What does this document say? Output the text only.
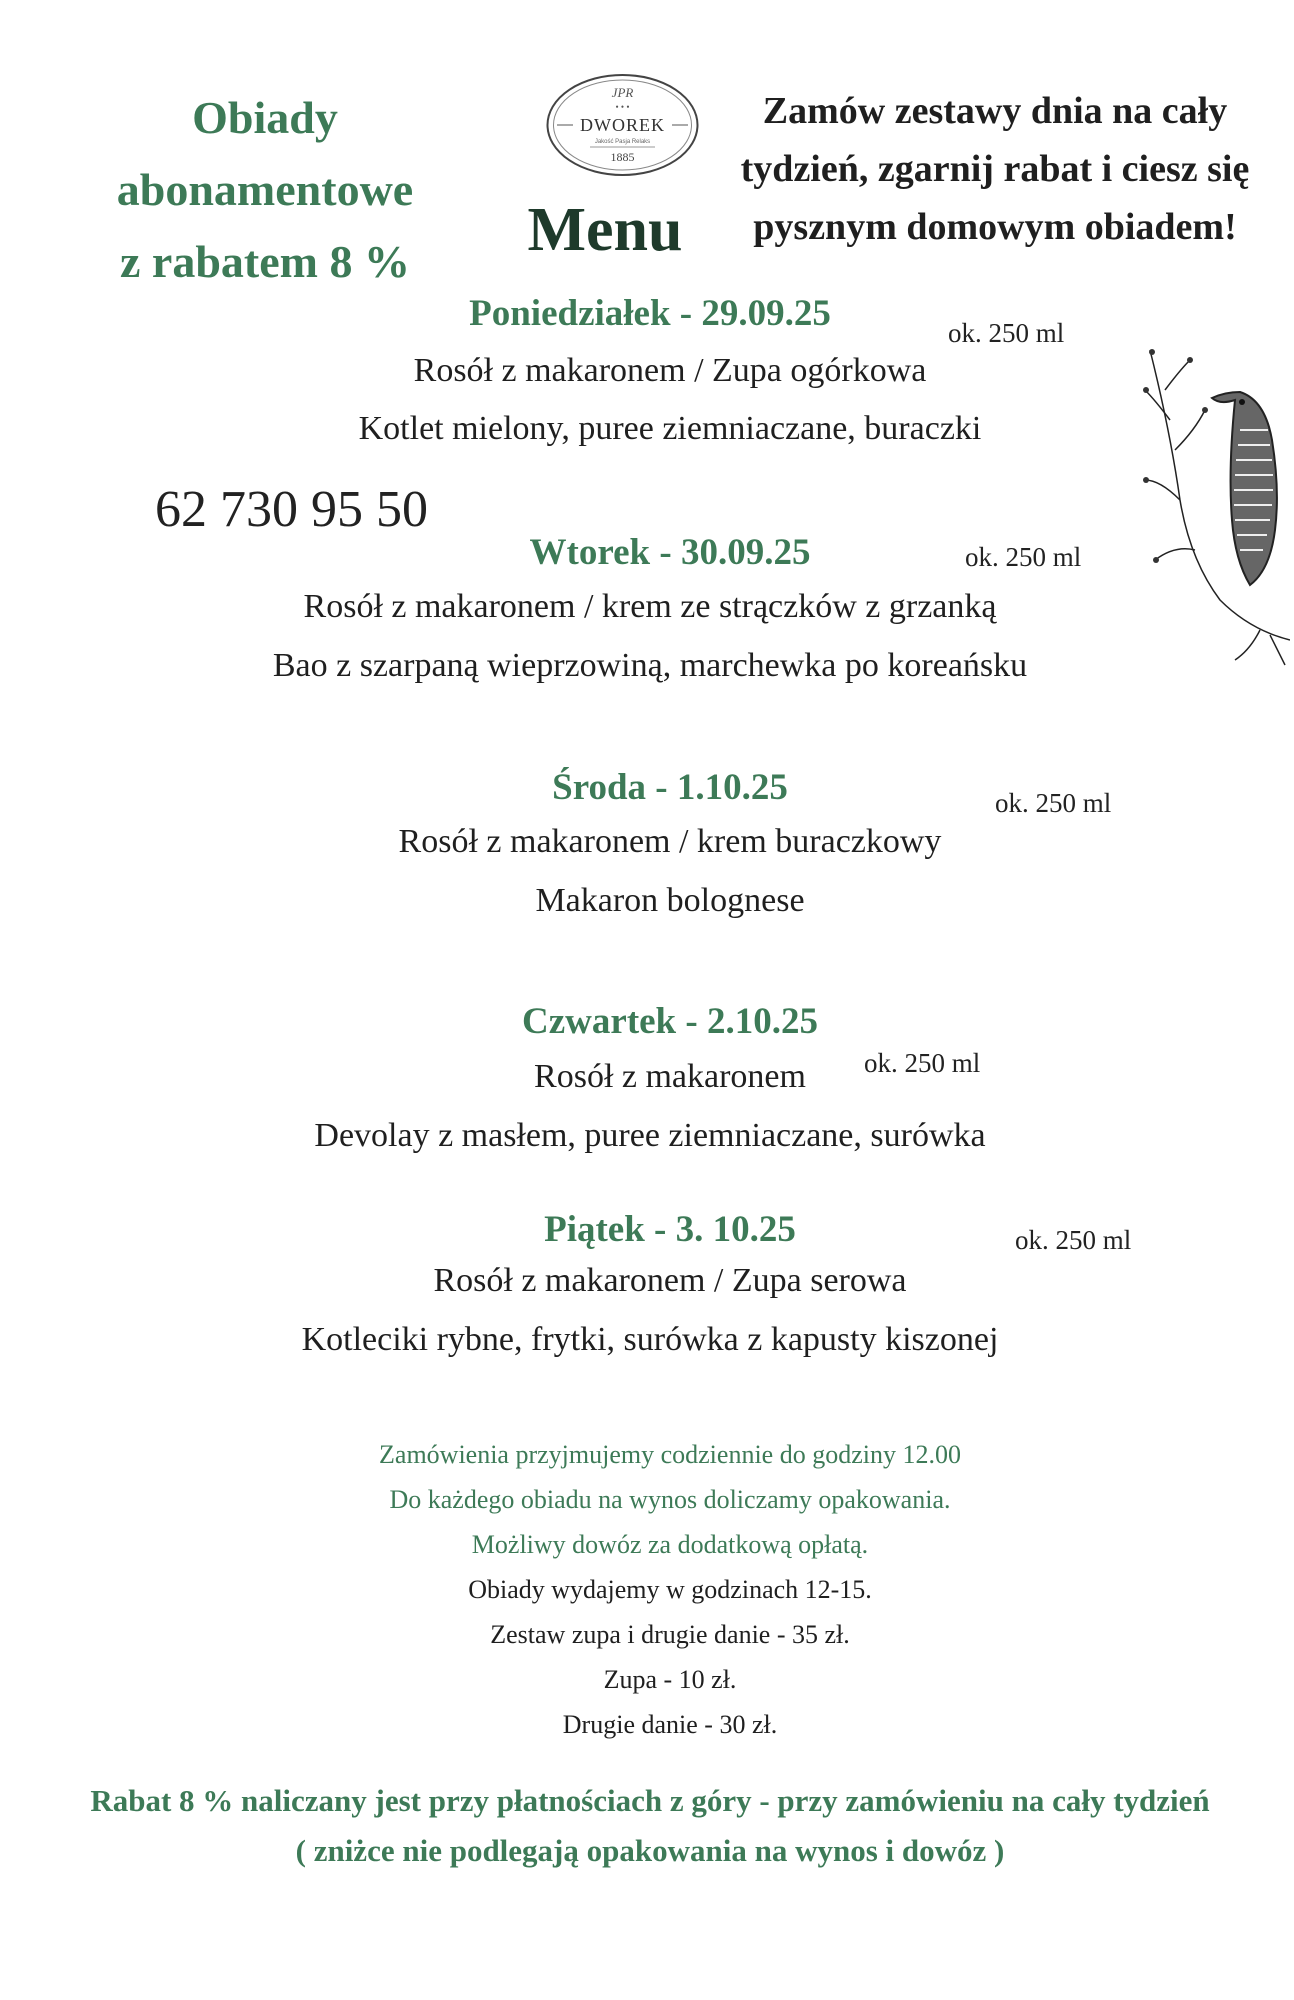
Obiady
abonamentowe
z rabatem 8 %
JPR
• • •
DWOREK
Jakość Pasja Relaks
1885
Menu
Zamów zestawy dnia na cały
tydzień, zgarnij rabat i ciesz się
pysznym domowym obiadem!
62 730 95 50
Poniedziałek - 29.09.25	ok. 250 ml
Rosół z makaronem / Zupa ogórkowa
Kotlet mielony, puree ziemniaczane, buraczki
Wtorek - 30.09.25	ok. 250 ml
Rosół z makaronem / krem ze strączków z grzanką
Bao z szarpaną wieprzowiną, marchewka po koreańsku
Środa - 1.10.25	ok. 250 ml
Rosół z makaronem / krem buraczkowy
Makaron bolognese
Czwartek - 2.10.25
ok. 250 ml
Rosół z makaronem
Devolay z masłem, puree ziemniaczane, surówka
Piątek - 3. 10.25	ok. 250 ml
Rosół z makaronem / Zupa serowa
Kotleciki rybne, frytki, surówka z kapusty kiszonej
Zamówienia przyjmujemy codziennie do godziny 12.00
Do każdego obiadu na wynos doliczamy opakowania.
Możliwy dowóz za dodatkową opłatą.
Obiady wydajemy w godzinach 12-15.
Zestaw zupa i drugie danie - 35 zł.
Zupa - 10 zł.
Drugie danie - 30 zł.
Rabat 8 % naliczany jest przy płatnościach z góry - przy zamówieniu na cały tydzień
( zniżce nie podlegają opakowania na wynos i dowóz )
